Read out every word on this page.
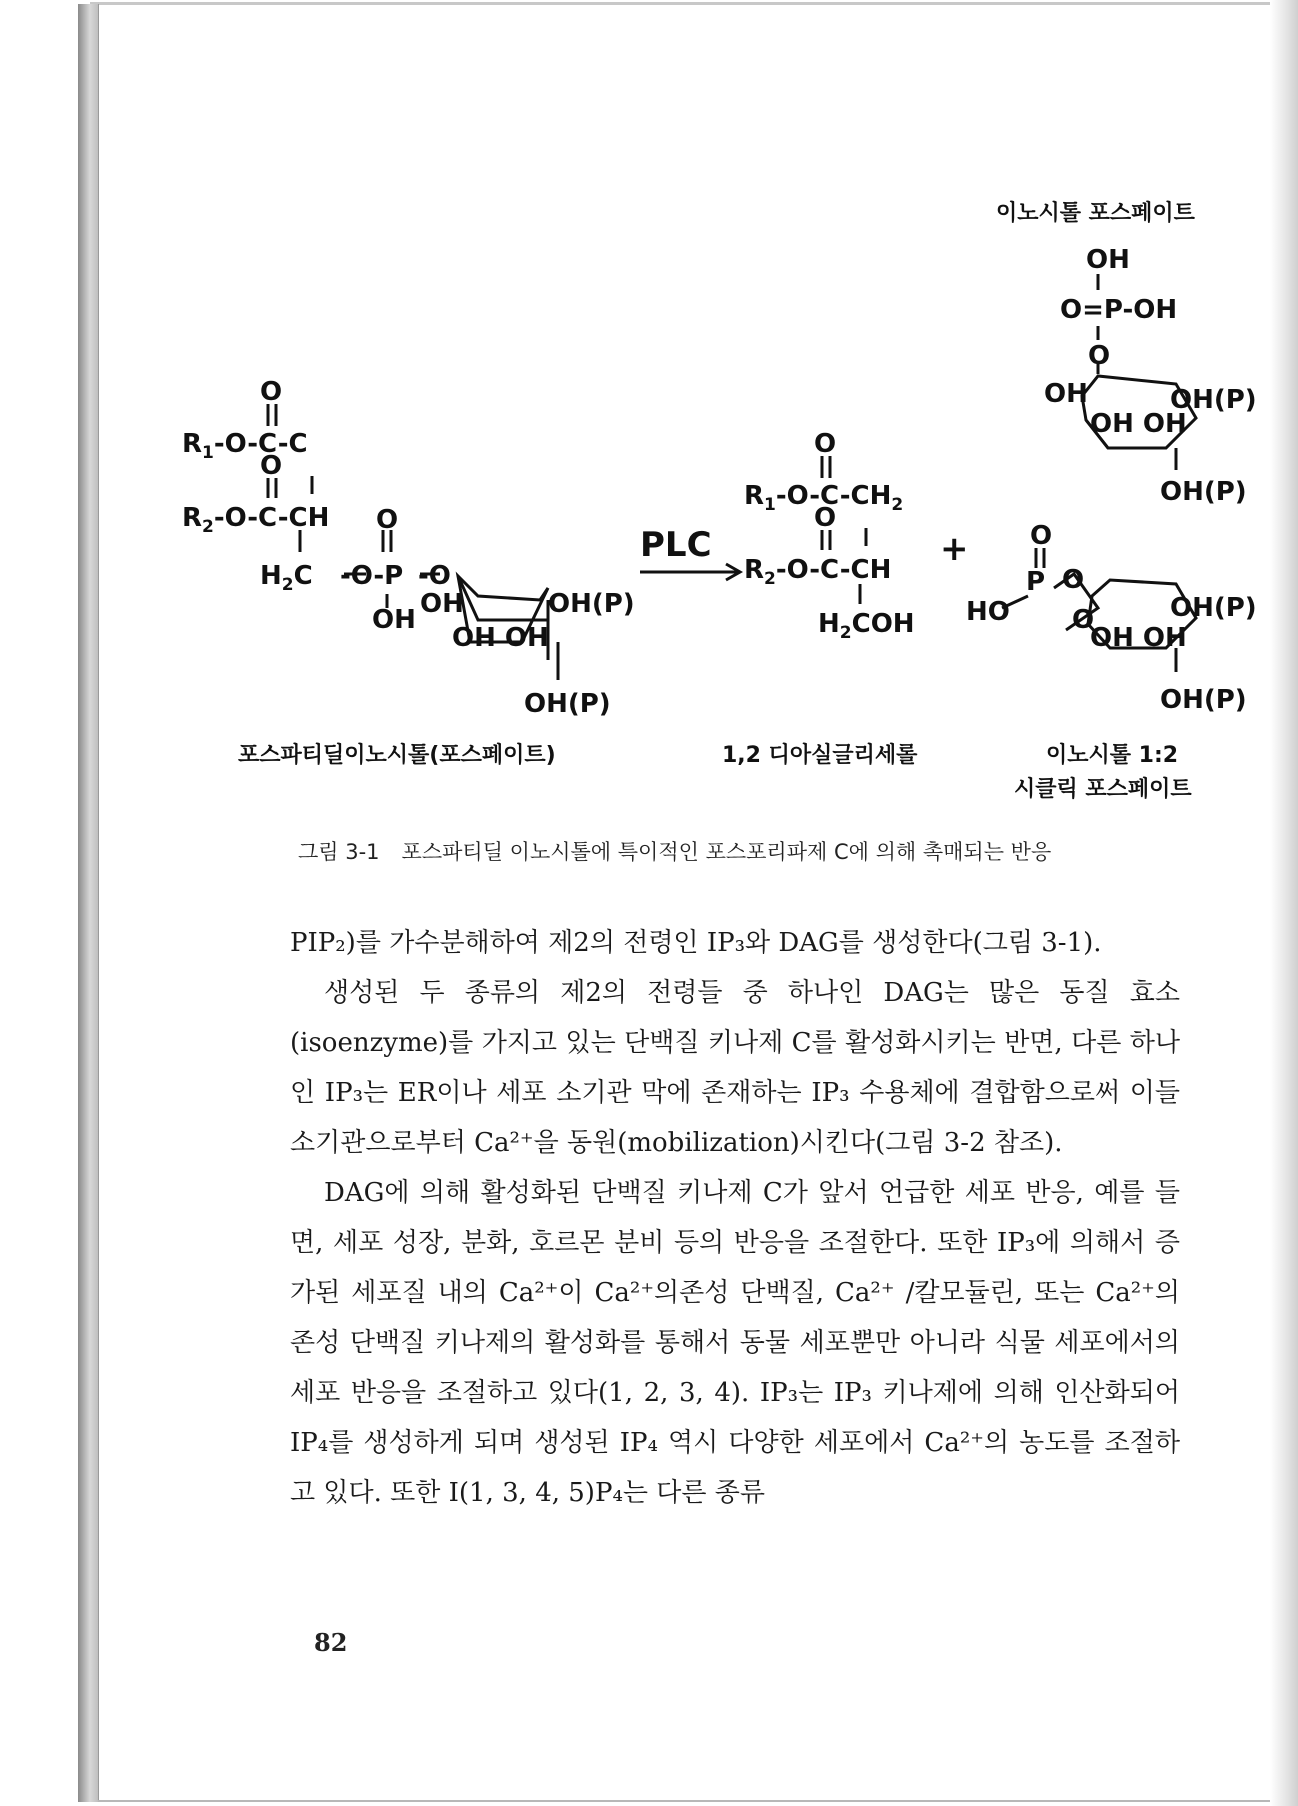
+
O
$R_1-O-C-C$
O
$R_2-O-C-CH$ O
$H_2C$ -O-P -O
OH
OH
OH OH
OH(P)
OH(P)
PLC
O
$R_1-O-C-CH_2$
O
$R_2-O-C-CH$
$H_2COH$
OH
O=P-OH
O
OH	OH(P)
OH OH
OH(P)
O
P O
HO O	OH(P)
OH OH
OH(P)
이노시톨 포스페이트
포스파티딜이노시톨(포스페이트)	1,2 디아실글리세롤	이노시톨 1:2
시클릭 포스페이트
그림 3-1 포스파티딜 이노시톨에 특이적인 포스포리파제 C에 의해 촉매되는 반응

PIP₂)를 가수분해하여 제2의 전령인 IP₃와 DAG를 생성한다(그림 3-1).

생성된 두 종류의 제2의 전령들 중 하나인 DAG는 많은 동질 효소(isoenzyme)를 가지고 있는 단백질 키나제 C를 활성화시키는 반면, 다른 하나인 IP₃는 ER이나 세포 소기관 막에 존재하는 IP₃ 수용체에 결합함으로써 이들 소기관으로부터 Ca²⁺을 동원(mobilization)시킨다(그림 3-2 참조).

DAG에 의해 활성화된 단백질 키나제 C가 앞서 언급한 세포 반응, 예를 들면, 세포 성장, 분화, 호르몬 분비 등의 반응을 조절한다. 또한 IP₃에 의해서 증가된 세포질 내의 Ca²⁺이 Ca²⁺의존성 단백질, Ca²⁺ /칼모듈린, 또는 Ca²⁺의존성 단백질 키나제의 활성화를 통해서 동물 세포뿐만 아니라 식물 세포에서의 세포 반응을 조절하고 있다(1, 2, 3, 4). IP₃는 IP₃ 키나제에 의해 인산화되어 IP₄를 생성하게 되며 생성된 IP₄ 역시 다양한 세포에서 Ca²⁺의 농도를 조절하고 있다. 또한 I(1, 3, 4, 5)P₄는 다른 종류

82
